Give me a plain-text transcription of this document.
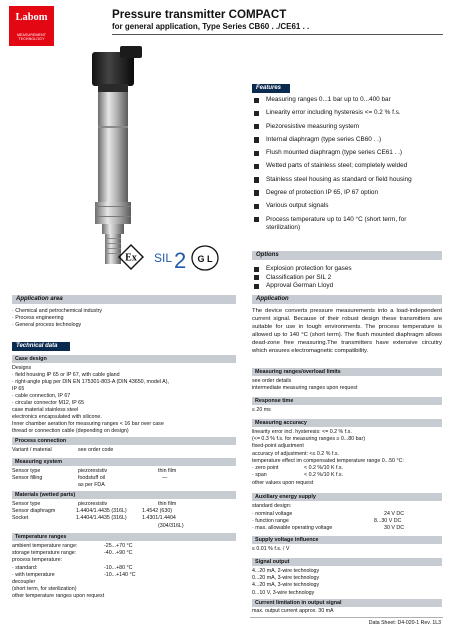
Labom
MEASUREMENT TECHNOLOGY
Pressure transmitter COMPACT
for general application, Type Series CB60 . ./CE61 . .
Ex SIL 2 G L
Features
Measuring ranges 0...1 bar up to 0...400 bar
Linearity error including hysteresis <= 0.2 % f.s.
Piezoresistive measuring system
Internal diaphragm (type series CB60 . .)
Flush mounted diaphragm (type series CE61 . .)
Wetted parts of stainless steel; completely welded
Stainless steel housing as standard or field housing
Degree of protection IP 65, IP 67 option
Various output signals
Process temperature up to 140 °C (short term, for sterilization)
Options
Explosion protection for gases
Classification per SIL 2
Approval German Lloyd
Application area
· Chemical and petrochemical industry
· Process engineering
· General process technology
Application
The device converts pressure measurements into a load-independent current signal. Because of their robust design these transmitters are suitable for use in tough environments. The process temperature is allowed up to 140 °C (short term). The flush mounted diaphragm allows dead-zone free measuring.The transmitters have extensive circuitry which ensures electromagnetic compatibility.
Technical data
Case design
Designs
· field housing IP 65 or IP 67, with cable gland
· right-angle plug per DIN EN 175301-803-A (DIN 43650, model A),
IP 65
· cable connection, IP 67
· circular connector M12, IP 65
case material stainless steel
electronics encapsulated with silicone.
Inner chamber aeration for measuring ranges < 16 bar over case
thread or connection cable (depending on design)
Process connection
Variant / material	see order code
Measuring system
Sensor type	piezoresistiv	thin film
Sensor filling	foodstuff oil	—
as per FDA
Materials (wetted parts)
Sensor type	piezoresistiv	thin film
Sensor diaphragm	1.4404/1.4435 (316L)	1.4542 (630)
Socket	1.4404/1.4435 (316L)	1.4301/1.4404
(304/316L)
Temperature ranges
ambient temperature range:	-25...+70 °C
storage temperature range:	-40...+90 °C
process temperature:
· standard:	-10...+80 °C
· with temperature	-10...+140 °C
decoupler
(short term, for sterilization)
other temperature ranges upon request
Measuring ranges/overload limits
see order details
intermediate measuring ranges upon request
Response time
≤ 20 ms
Measuring accuracy
linearity error incl. hysteresis: <= 0.2 % f.s.
(<= 0.3 % f.s. for measuring ranges ≥ 0...80 bar)
fixed-point adjustment
accuracy of adjustment: <≤ 0.2 % f.s.
temperature effect im compensated temperature range 0...50 °C:
· zero point	< 0.2 %/10 K f.s.
· span	< 0.2 %/10 K f.s.
other values upon request
Auxiliary energy supply
standard design:
· nominal voltage	24 V DC
· function range	8...30 V DC
· max. allowable operating voltage	30 V DC
Supply voltage influence
≤ 0.01 % f.s. / V
Signal output
4...20 mA, 2-wire technology
0...20 mA, 3-wire technology
4...20 mA, 3-wire technology
0...10 V, 3-wire technology
Current limitation in output signal
max. output current approx. 30 mA
Data Sheet: D4-020-1 Rev. 1L3
